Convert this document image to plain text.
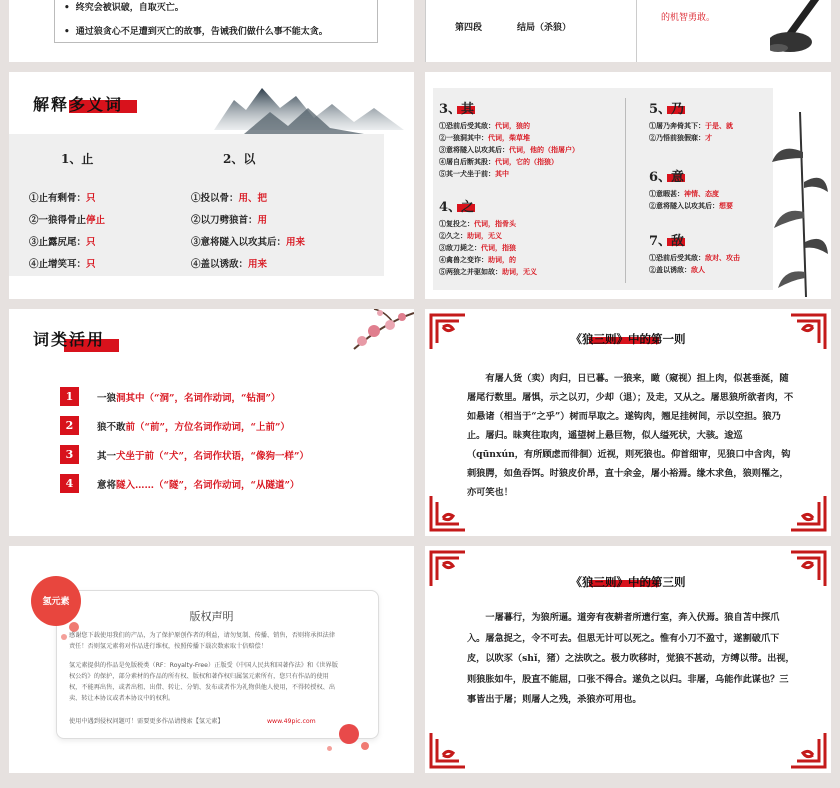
• 终究会被识破，自取灭亡。
• 通过狼贪心不足遭到灭亡的故事，告诫我们做什么事不能太贪。	第四段	结局（杀狼）
的机智勇敢。
解释多义词
1、止	2、以
①止有剩骨：只
②一狼得骨止停止
③止露尻尾：只
④止增笑耳：只
①投以骨：用、把
②以刀劈狼首：用
③意将隧入以攻其后：用来
④盖以诱敌：用来
3、其
①恐前后受其敌：代词，狼的
②一狼洞其中：代词，柴草堆
③意将隧入以攻其后：代词，他的（指屠户）
④屠自后断其股：代词，它的（指狼）
⑤其一犬坐于前：其中
4、之
①复投之：代词，指骨头
②久之：助词，无义
③敌刀毙之：代词，指狼
④禽兽之变诈：助词，的
⑤两狼之并驱如故：助词，无义
5、乃
①屠乃奔倚其下：于是、就
②乃悟前狼假寐：才
6、意
①意暇甚：神情、态度
②意将隧入以攻其后：想要
7、敌
①恐前后受其敌：敌对、攻击
②盖以诱敌：敌人
词类活用
1	一狼洞其中（“洞”，名词作动词，“钻洞”）
2	狼不敢前（“前”，方位名词作动词，“上前”）
3	其一犬坐于前（“犬”，名词作状语，“像狗一样”）
4	意将隧入……（“隧”，名词作动词，“从隧道”）
《狼三则》中的第一则
有屠人货（卖）肉归，日已暮。一狼来，瞰（窥视）担上肉，似甚垂涎，随屠尾行数里。屠惧，示之以刃，少却（退）；及走，又从之。屠思狼所欲者肉，不如悬诸（相当于“之乎”）树而早取之。遂钩肉，翘足挂树间，示以空担。狼乃止。屠归。昧爽往取肉，遥望树上悬巨物，似人缢死状，大骇。逡巡（qūnxún，有所顾虑而徘徊）近视，则死狼也。仰首细审，见狼口中含肉，钩刺狼腭，如鱼吞饵。时狼皮价昂，直十余金，屠小裕焉。缘木求鱼，狼则罹之，亦可笑也！
氢元素
版权声明
感谢您下载使用我们的产品，为了保护原创作者的利益，请勿复制、传播、销售，否则将承担法律责任！否则氢元素将对作品进行维权，按照传播下载次数索取十倍赔偿！
氢元素提供的作品是免版税类（RF：Royalty-Free）正版受《中国人民共和国著作法》和《世界版权公约》的保护，部分素材的作品的所有权、版权和著作权归属氢元素所有，您只有作品的使用权，不能再出售，或者出租、出借、转让、分销、发布或者作为礼物供他人使用，不得转授权、出卖、转让本协议或者本协议中的权利。
使用中遇到侵权问题可！需要更多作品请搜索【氢元素】	www.49pic.com
《狼三则》中的第三则
一屠暮行，为狼所逼。道旁有夜耕者所遗行室，奔入伏焉。狼自苫中探爪入。屠急捉之，令不可去。但思无计可以死之。惟有小刀不盈寸，遂割破爪下皮，以吹豕（shǐ，猪）之法吹之。极力吹移时，觉狼不甚动，方缚以带。出视，则狼胀如牛，股直不能屈，口张不得合。遂负之以归。非屠，乌能作此谋也？三事皆出于屠；则屠人之残，杀狼亦可用也。
